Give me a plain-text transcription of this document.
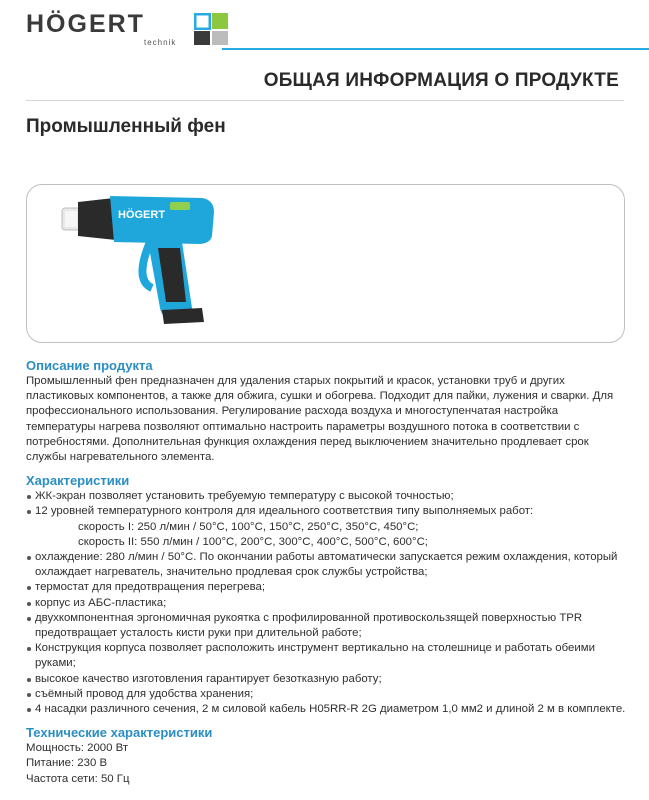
HÖGERT
technik
ОБЩАЯ ИНФОРМАЦИЯ О ПРОДУКТЕ
Промышленный фен
HÖGERT
Описание продукта

Промышленный фен предназначен для удаления старых покрытий и красок, установки труб и других пластиковых компонентов, а также для обжига, сушки и обогрева. Подходит для пайки, лужения и сварки. Для профессионального использования. Регулирование расхода воздуха и многоступенчатая настройка температуры нагрева позволяют оптимально настроить параметры воздушного потока в соответствии с потребностями. Дополнительная функция охлаждения перед выключением значительно продлевает срок службы нагревательного элемента.

Характеристики
ЖК-экран позволяет установить требуемую температуру с высокой точностью;
12 уровней температурного контроля для идеального соответствия типу выполняемых работ:
скорость I: 250 л/мин / 50°C, 100°C, 150°C, 250°C, 350°C, 450°C;
скорость II: 550 л/мин / 100°C, 200°C, 300°C, 400°C, 500°C, 600°C;
охлаждение: 280 л/мин / 50°C. По окончании работы автоматически запускается режим охлаждения, который охлаждает нагреватель, значительно продлевая срок службы устройства;
термостат для предотвращения перегрева;
корпус из АБС-пластика;
двухкомпонентная эргономичная рукоятка с профилированной противоскользящей поверхностью TPR предотвращает усталость кисти руки при длительной работе;
Конструкция корпуса позволяет расположить инструмент вертикально на столешнице и работать обеими руками;
высокое качество изготовления гарантирует безотказную работу;
съёмный провод для удобства хранения;
4 насадки различного сечения, 2 м силовой кабель H05RR-R 2G диаметром 1,0 мм2 и длиной 2 м в комплекте.
Технические характеристики

Мощность: 2000 Вт

Питание: 230 В

Частота сети: 50 Гц
